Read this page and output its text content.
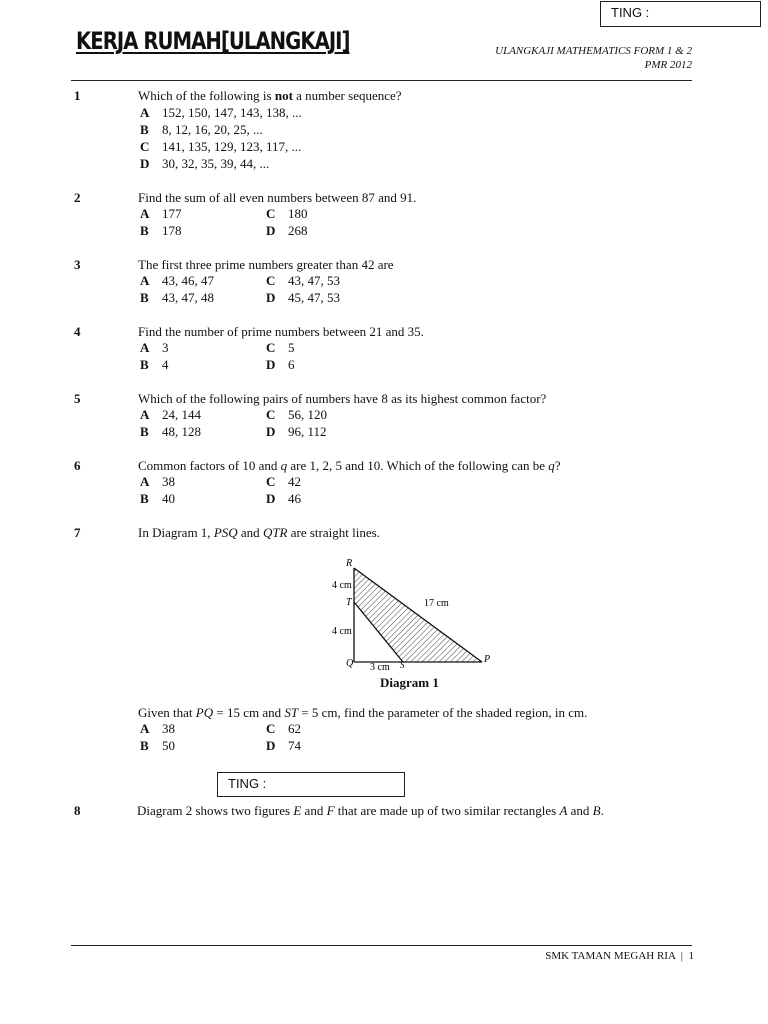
TING :
KERJA RUMAH[ULANGKAJI]	ULANGKAJI MATHEMATICS FORM 1 & 2
PMR 2012
1	Which of the following is not a number sequence?
A 152, 150, 147, 143, 138, ...
B 8, 12, 16, 20, 25, ...
C 141, 135, 129, 123, 117, ...
D 30, 32, 35, 39, 44, ...
2	Find the sum of all even numbers between 87 and 91.
A 177	C 180
B 178	D 268
3	The first three prime numbers greater than 42 are
A 43, 46, 47	C 43, 47, 53
B 43, 47, 48	D 45, 47, 53
4	Find the number of prime numbers between 21 and 35.
A 3	C 5
B 4	D 6
5	Which of the following pairs of numbers have 8 as its highest common factor?
A 24, 144	C 56, 120
B 48, 128	D 96, 112
6	Common factors of 10 and q are 1, 2, 5 and 10. Which of the following can be q?
A 38	C 42
B 40	D 46
7	In Diagram 1, PSQ and QTR are straight lines.
R
T
Q	S	P
4 cm
4 cm
3 cm
17 cm
Diagram 1
Given that PQ = 15 cm and ST = 5 cm, find the parameter of the shaded region, in cm.
A 38	C 62
B 50	D 74
TING :
8	Diagram 2 shows two figures E and F that are made up of two similar rectangles A and B.
SMK TAMAN MEGAH RIA | 1
